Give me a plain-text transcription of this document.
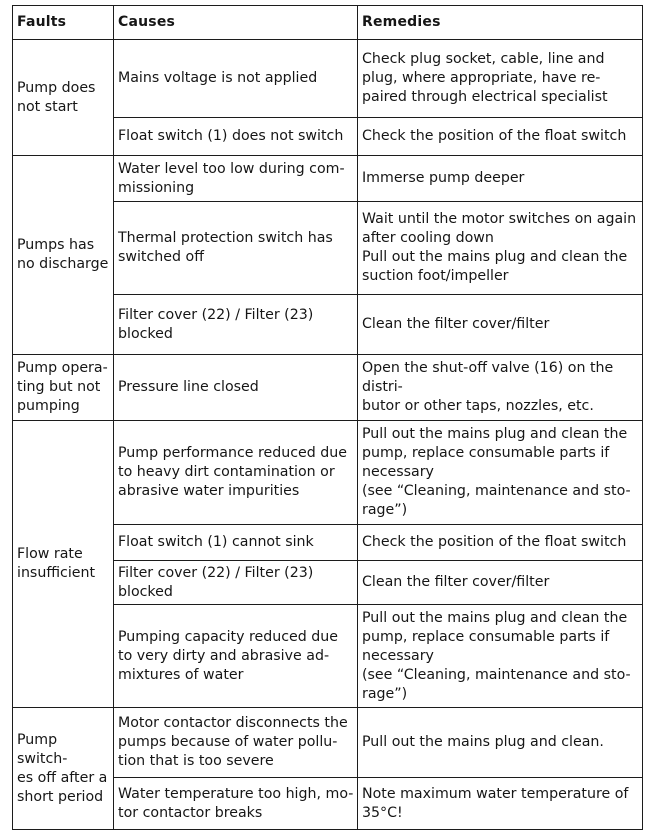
Faults	Causes	Remedies

Pump does
not start	Mains voltage is not applied	Check plug socket, cable, line and
plug, where appropriate, have re-
paired through electrical specialist

	Float switch (1) does not switch	Check the position of the float switch

Pumps has
no discharge	Water level too low during com-
missioning	Immerse pump deeper

	Thermal protection switch has
switched off	Wait until the motor switches on again
after cooling down
Pull out the mains plug and clean the
suction foot/impeller

	Filter cover (22) / Filter (23)
blocked	Clean the filter cover/filter

Pump opera-
ting but not
pumping	Pressure line closed	Open the shut-off valve (16) on the distri-
butor or other taps, nozzles, etc.

Flow rate
insufficient	Pump performance reduced due
to heavy dirt contamination or
abrasive water impurities	Pull out the mains plug and clean the
pump, replace consumable parts if
necessary
(see “Cleaning, maintenance and sto-
rage”)

	Float switch (1) cannot sink	Check the position of the float switch

	Filter cover (22) / Filter (23)
blocked	Clean the filter cover/filter

	Pumping capacity reduced due
to very dirty and abrasive ad-
mixtures of water	Pull out the mains plug and clean the
pump, replace consumable parts if
necessary
(see “Cleaning, maintenance and sto-
rage”)

Pump switch-
es off after a
short period	Motor contactor disconnects the
pumps because of water pollu-
tion that is too severe	Pull out the mains plug and clean.

	Water temperature too high, mo-
tor contactor breaks	Note maximum water temperature of
35°C!
